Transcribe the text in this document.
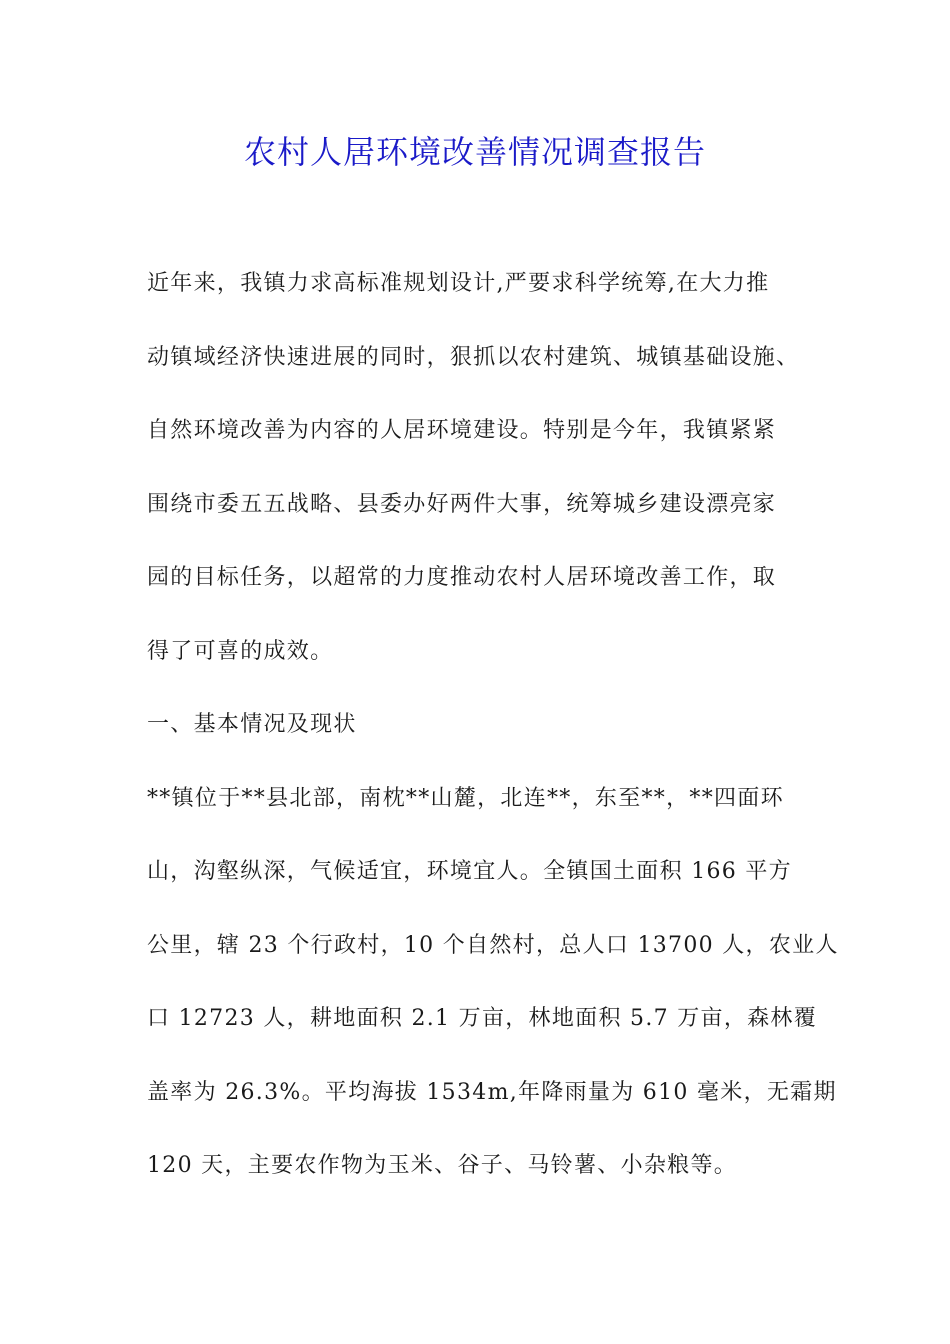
农村人居环境改善情况调查报告
近年来，我镇力求高标准规划设计,严要求科学统筹,在大力推
动镇域经济快速进展的同时，狠抓以农村建筑、城镇基础设施、
自然环境改善为内容的人居环境建设。特别是今年，我镇紧紧
围绕市委五五战略、县委办好两件大事，统筹城乡建设漂亮家
园的目标任务，以超常的力度推动农村人居环境改善工作，取
得了可喜的成效。
一、基本情况及现状
**镇位于**县北部，南枕**山麓，北连**，东至**，**四面环
山，沟壑纵深，气候适宜，环境宜人。全镇国土面积 166 平方
公里，辖 23 个行政村，10 个自然村，总人口 13700 人，农业人
口 12723 人，耕地面积 2.1 万亩，林地面积 5.7 万亩，森林覆
盖率为 26.3%。平均海拔 1534m,年降雨量为 610 毫米，无霜期
120 天，主要农作物为玉米、谷子、马铃薯、小杂粮等。
